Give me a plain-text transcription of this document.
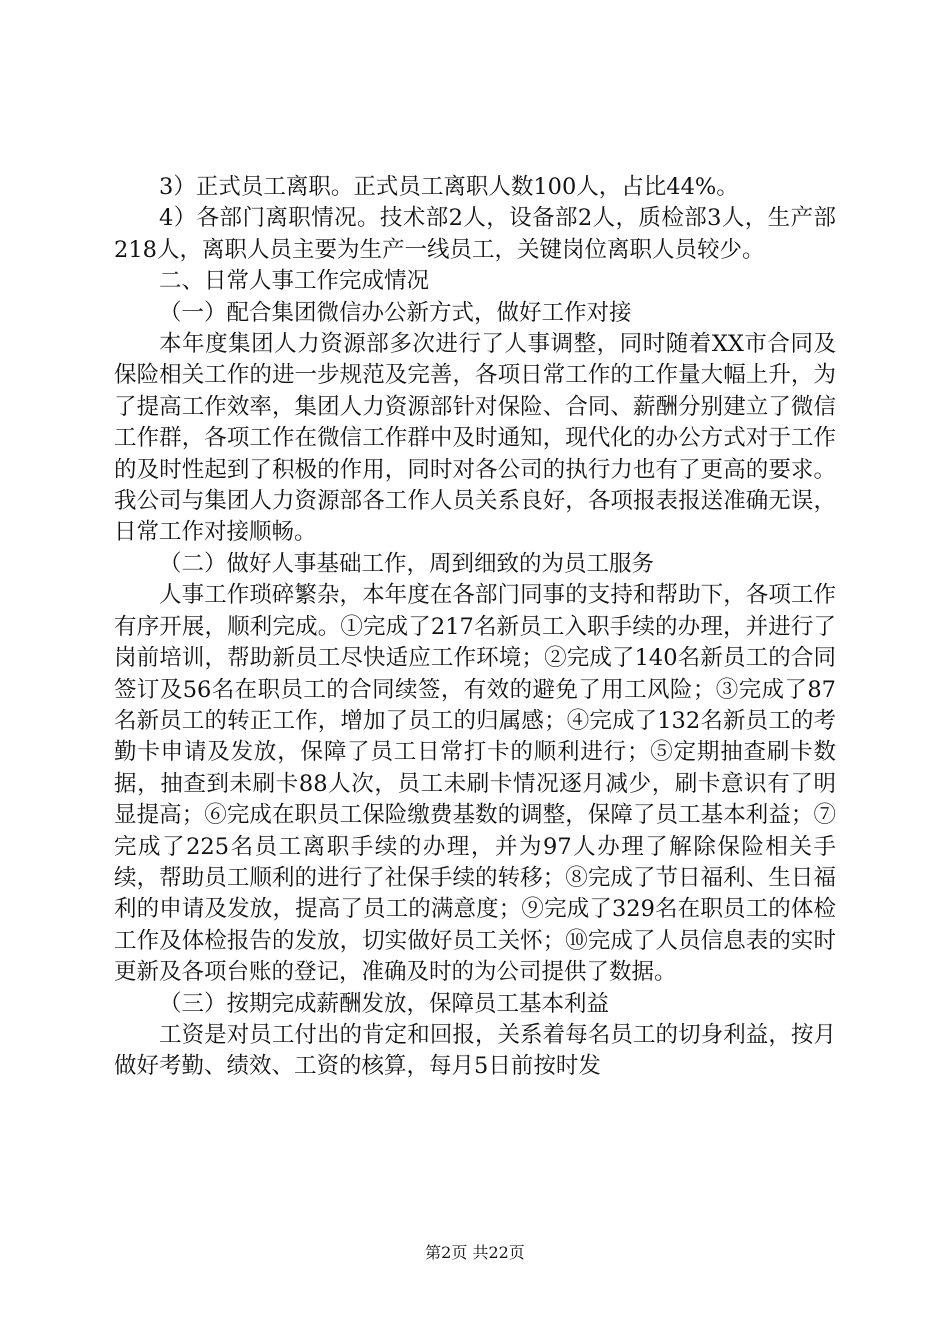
3）正式员工离职。正式员工离职人数100人，占比44%。

4）各部门离职情况。技术部2人，设备部2人，质检部3人，生产部218人，离职人员主要为生产一线员工，关键岗位离职人员较少。

二、日常人事工作完成情况

（一）配合集团微信办公新方式，做好工作对接

本年度集团人力资源部多次进行了人事调整，同时随着XX市合同及保险相关工作的进一步规范及完善，各项日常工作的工作量大幅上升，为了提高工作效率，集团人力资源部针对保险、合同、薪酬分别建立了微信工作群，各项工作在微信工作群中及时通知，现代化的办公方式对于工作的及时性起到了积极的作用，同时对各公司的执行力也有了更高的要求。我公司与集团人力资源部各工作人员关系良好，各项报表报送准确无误，日常工作对接顺畅。

（二）做好人事基础工作，周到细致的为员工服务

人事工作琐碎繁杂，本年度在各部门同事的支持和帮助下，各项工作有序开展，顺利完成。①完成了217名新员工入职手续的办理，并进行了岗前培训，帮助新员工尽快适应工作环境；②完成了140名新员工的合同签订及56名在职员工的合同续签，有效的避免了用工风险；③完成了87名新员工的转正工作，增加了员工的归属感；④完成了132名新员工的考勤卡申请及发放，保障了员工日常打卡的顺利进行；⑤定期抽查刷卡数据，抽查到未刷卡88人次，员工未刷卡情况逐月减少，刷卡意识有了明显提高；⑥完成在职员工保险缴费基数的调整，保障了员工基本利益；⑦完成了225名员工离职手续的办理，并为97人办理了解除保险相关手续，帮助员工顺利的进行了社保手续的转移；⑧完成了节日福利、生日福利的申请及发放，提高了员工的满意度；⑨完成了329名在职员工的体检工作及体检报告的发放，切实做好员工关怀；⑩完成了人员信息表的实时更新及各项台账的登记，准确及时的为公司提供了数据。

（三）按期完成薪酬发放，保障员工基本利益

工资是对员工付出的肯定和回报，关系着每名员工的切身利益，按月做好考勤、绩效、工资的核算，每月5日前按时发

第2页 共22页
